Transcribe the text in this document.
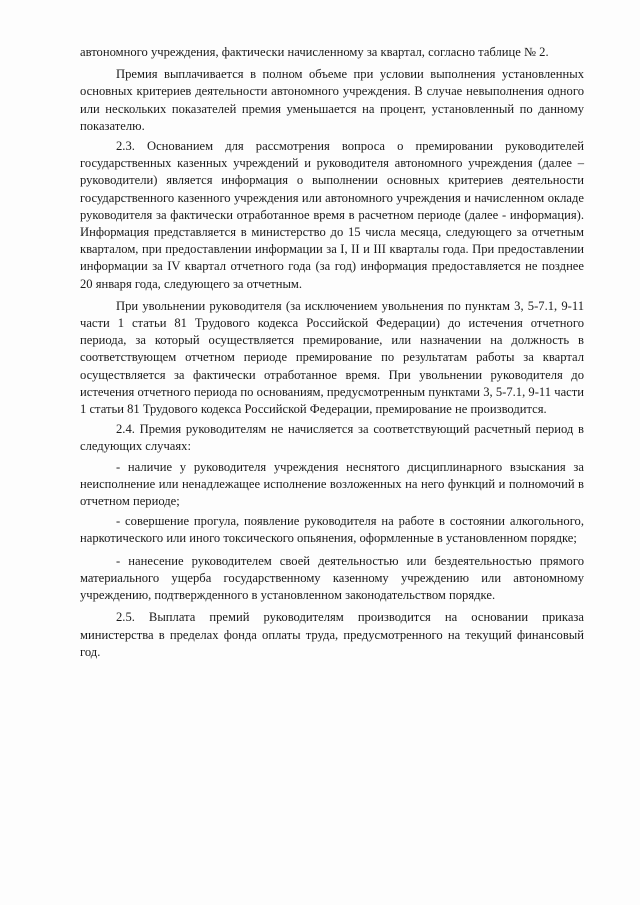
автономного учреждения, фактически начисленному за квартал, согласно таблице № 2.

Премия выплачивается в полном объеме при условии выполнения установленных основных критериев деятельности автономного учреждения. В случае невыполнения одного или нескольких показателей премия уменьшается на процент, установленный по данному показателю.

2.3. Основанием для рассмотрения вопроса о премировании руководителей государственных казенных учреждений и руководителя автономного учреждения (далее – руководители) является информация о выполнении основных критериев деятельности государственного казенного учреждения или автономного учреждения и начисленном окладе руководителя за фактически отработанное время в расчетном периоде (далее - информация). Информация представляется в министерство до 15 числа месяца, следующего за отчетным кварталом, при предоставлении информации за I, II и III кварталы года. При предоставлении информации за IV квартал отчетного года (за год) информация предоставляется не позднее 20 января года, следующего за отчетным.

При увольнении руководителя (за исключением увольнения по пунктам 3, 5-7.1, 9-11 части 1 статьи 81 Трудового кодекса Российской Федерации) до истечения отчетного периода, за который осуществляется премирование, или назначении на должность в соответствующем отчетном периоде премирование по результатам работы за квартал осуществляется за фактически отработанное время. При увольнении руководителя до истечения отчетного периода по основаниям, предусмотренным пунктами 3, 5-7.1, 9-11 части 1 статьи 81 Трудового кодекса Российской Федерации, премирование не производится.

2.4. Премия руководителям не начисляется за соответствующий расчетный период в следующих случаях:

- наличие у руководителя учреждения неснятого дисциплинарного взыскания за неисполнение или ненадлежащее исполнение возложенных на него функций и полномочий в отчетном периоде;

- совершение прогула, появление руководителя на работе в состоянии алкогольного, наркотического или иного токсического опьянения, оформленные в установленном порядке;

- нанесение руководителем своей деятельностью или бездеятельностью прямого материального ущерба государственному казенному учреждению или автономному учреждению, подтвержденного в установленном законодательством порядке.

2.5. Выплата премий руководителям производится на основании приказа министерства в пределах фонда оплаты труда, предусмотренного на текущий финансовый год.
